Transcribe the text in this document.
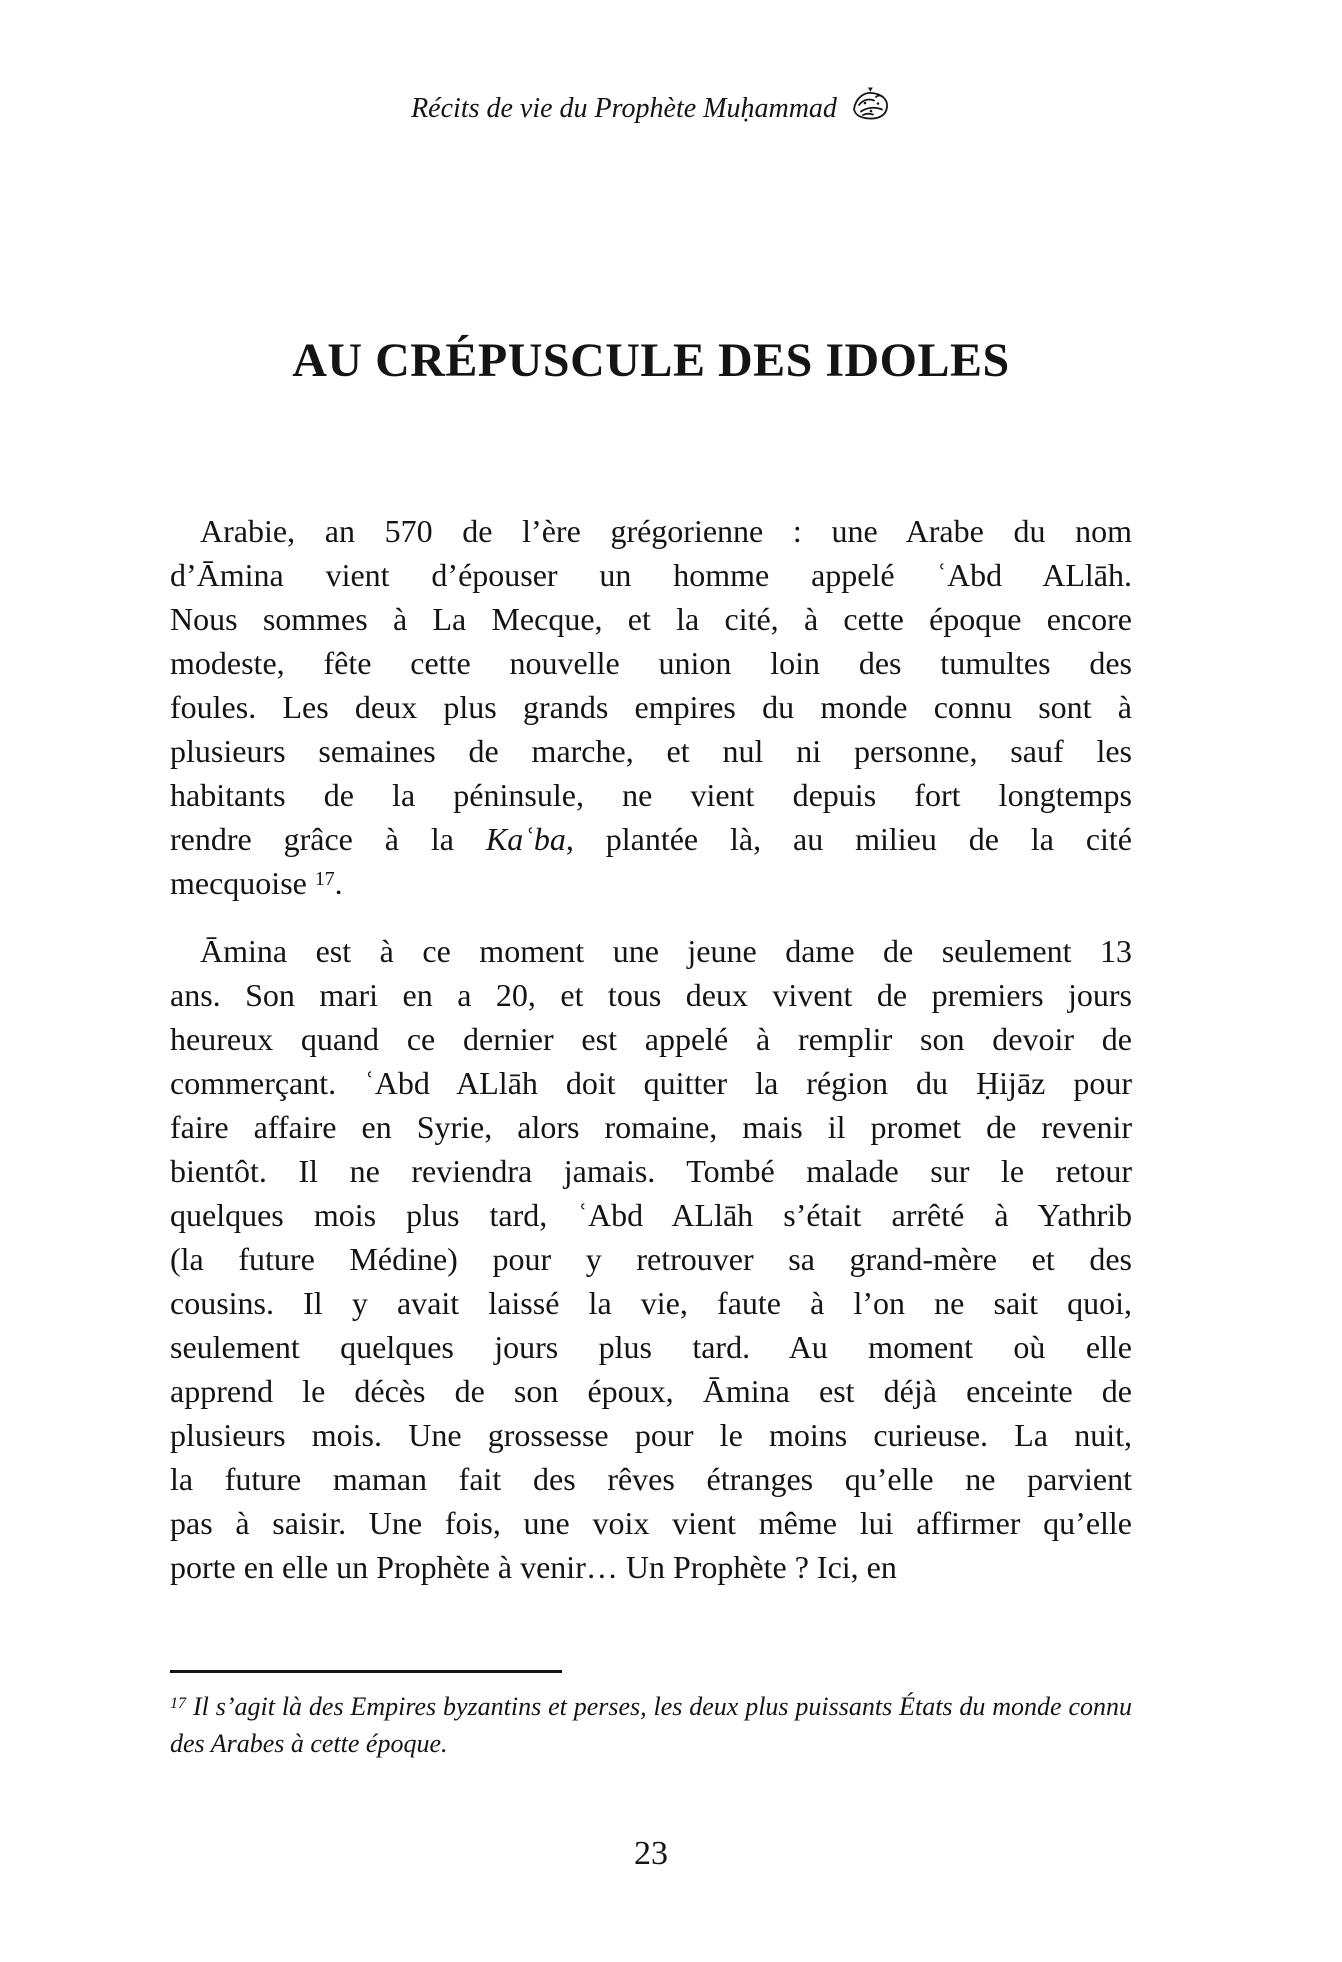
Récits de vie du Prophète Muḥammad
AU CRÉPUSCULE DES IDOLES
Arabie, an 570 de l’ère grégorienne : une Arabe du nom
d’Āmina vient d’épouser un homme appelé ʿAbd ALlāh.
Nous sommes à La Mecque, et la cité, à cette époque encore
modeste, fête cette nouvelle union loin des tumultes des
foules. Les deux plus grands empires du monde connu sont à
plusieurs semaines de marche, et nul ni personne, sauf les
habitants de la péninsule, ne vient depuis fort longtemps
rendre grâce à la Kaʿba, plantée là, au milieu de la cité
mecquoise $^{17}$.
Āmina est à ce moment une jeune dame de seulement 13
ans. Son mari en a 20, et tous deux vivent de premiers jours
heureux quand ce dernier est appelé à remplir son devoir de
commerçant. ʿAbd ALlāh doit quitter la région du Ḥijāz pour
faire affaire en Syrie, alors romaine, mais il promet de revenir
bientôt. Il ne reviendra jamais. Tombé malade sur le retour
quelques mois plus tard, ʿAbd ALlāh s’était arrêté à Yathrib
(la future Médine) pour y retrouver sa grand-mère et des
cousins. Il y avait laissé la vie, faute à l’on ne sait quoi,
seulement quelques jours plus tard. Au moment où elle
apprend le décès de son époux, Āmina est déjà enceinte de
plusieurs mois. Une grossesse pour le moins curieuse. La nuit,
la future maman fait des rêves étranges qu’elle ne parvient
pas à saisir. Une fois, une voix vient même lui affirmer qu’elle
porte en elle un Prophète à venir… Un Prophète ? Ici, en
$^{17}$ Il s’agit là des Empires byzantins et perses, les deux plus puissants États du monde connu
des Arabes à cette époque.
23
